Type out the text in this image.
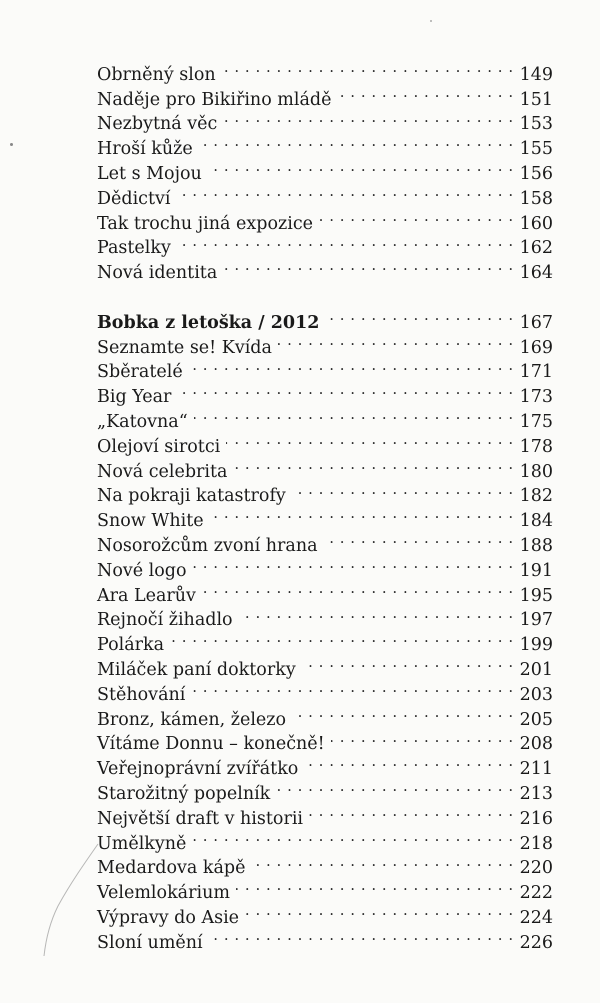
Obrněný slon . . .	149
Naděje pro Bikiřino mládě . . .	151
Nezbytná věc . . .	153
Hroší kůže . . .	155
Let s Mojou . . .	156
Dědictví . . .	158
Tak trochu jiná expozice . . .	160
Pastelky . . .	162
Nová identita . . .	164
Bobka z letoška / 2012 . . .	167
Seznamte se! Kvída . . .	169
Sběratelé . . .	171
Big Year . . .	173
„Katovna“ . . .	175
Olejoví sirotci . . .	178
Nová celebrita . . .	180
Na pokraji katastrofy . . .	182
Snow White . . .	184
Nosorožcům zvoní hrana . . .	188
Nové logo . . .	191
Ara Learův . . .	195
Rejnočí žihadlo . . .	197
Polárka . . .	199
Miláček paní doktorky . . .	201
Stěhování . . .	203
Bronz, kámen, železo . . .	205
Vítáme Donnu – konečně! . . .	208
Veřejnoprávní zvířátko . . .	211
Starožitný popelník . . .	213
Největší draft v historii . . .	216
Umělkyně . . .	218
Medardova kápě . . .	220
Velemlokárium . . .	222
Výpravy do Asie . . .	224
Sloní umění . . .	226
